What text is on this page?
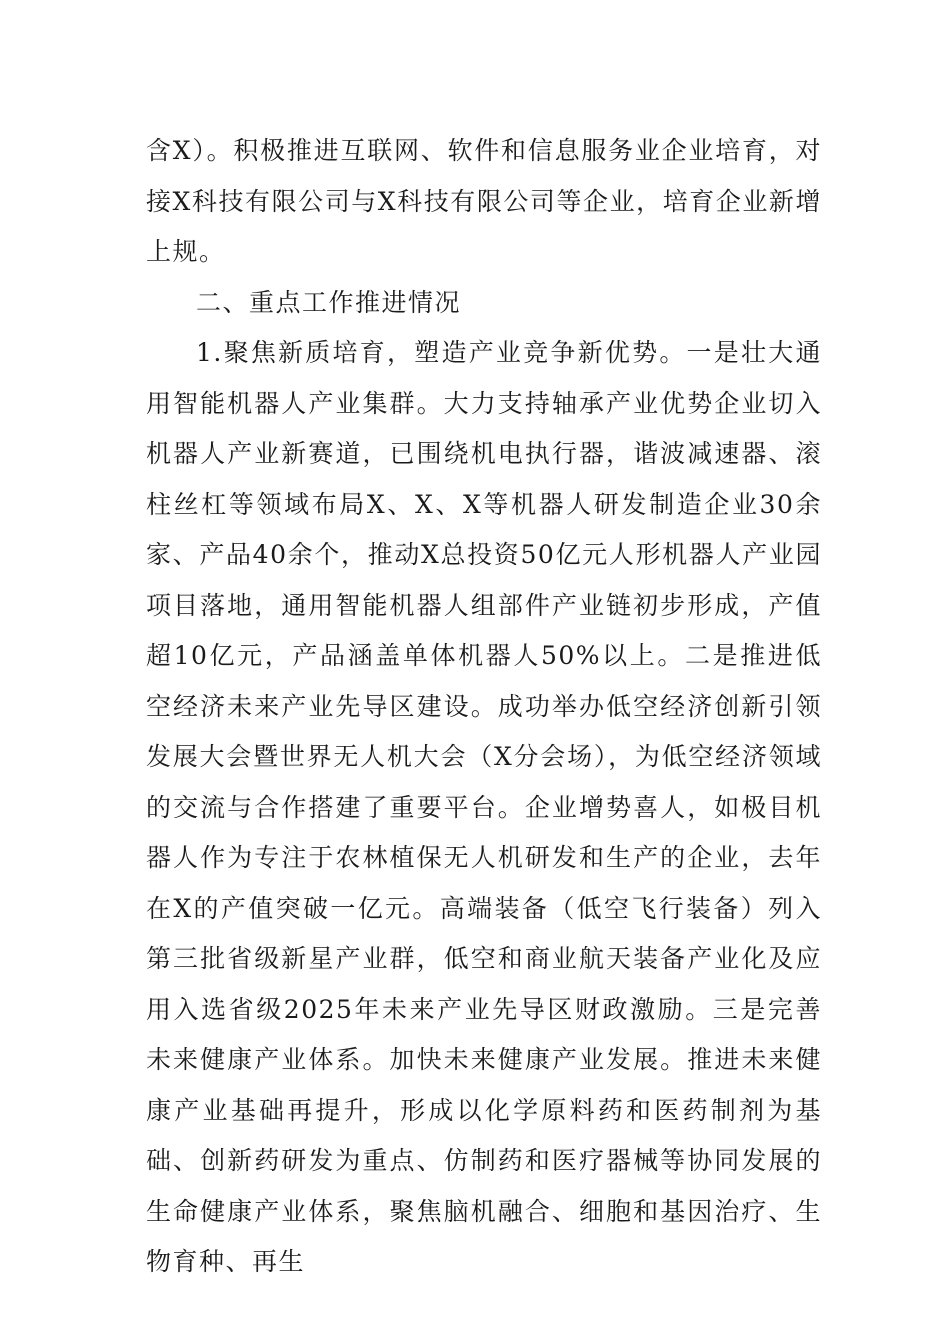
含X）。积极推进互联网、软件和信息服务业企业培育，对接X科技有限公司与X科技有限公司等企业，培育企业新增上规。

二、重点工作推进情况

1.聚焦新质培育，塑造产业竞争新优势。一是壮大通用智能机器人产业集群。大力支持轴承产业优势企业切入机器人产业新赛道，已围绕机电执行器，谐波减速器、滚柱丝杠等领域布局X、X、X等机器人研发制造企业30余家、产品40余个，推动X总投资50亿元人形机器人产业园项目落地，通用智能机器人组部件产业链初步形成，产值超10亿元，产品涵盖单体机器人50%以上。二是推进低空经济未来产业先导区建设。成功举办低空经济创新引领发展大会暨世界无人机大会（X分会场），为低空经济领域的交流与合作搭建了重要平台。企业增势喜人，如极目机器人作为专注于农林植保无人机研发和生产的企业，去年在X的产值突破一亿元。高端装备（低空飞行装备）列入第三批省级新星产业群，低空和商业航天装备产业化及应用入选省级2025年未来产业先导区财政激励。三是完善未来健康产业体系。加快未来健康产业发展。推进未来健康产业基础再提升，形成以化学原料药和医药制剂为基础、创新药研发为重点、仿制药和医疗器械等协同发展的生命健康产业体系，聚焦脑机融合、细胞和基因治疗、生物育种、再生
